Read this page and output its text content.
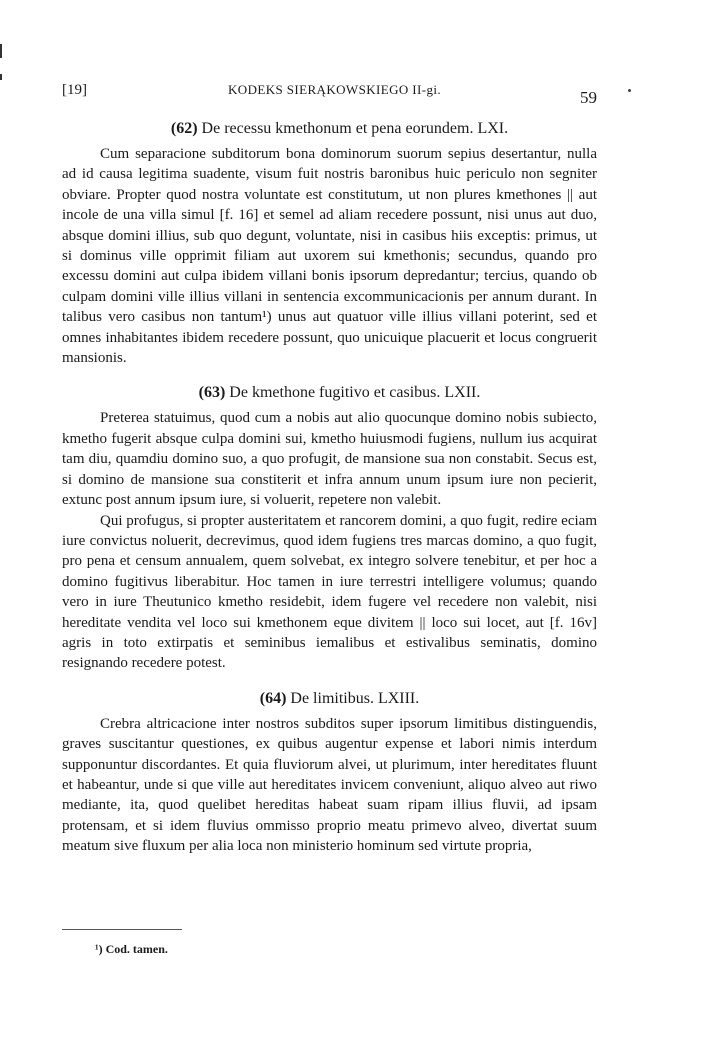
[19]	KODEKS SIERĄKOWSKIEGO II-gi.	59

(62) De recessu kmethonum et pena eorundem. LXI.

Cum separacione subditorum bona dominorum suorum sepius desertantur, nulla ad id causa legitima suadente, visum fuit nostris baronibus huic periculo non segniter obviare. Propter quod nostra voluntate est constitutum, ut non plures kmethones || aut incole de una villa simul [f. 16] et semel ad aliam recedere possunt, nisi unus aut duo, absque domini illius, sub quo degunt, voluntate, nisi in casibus hiis exceptis: primus, ut si dominus ville opprimit filiam aut uxorem sui kmethonis; secundus, quando pro excessu domini aut culpa ibidem villani bonis ipsorum depredantur; tercius, quando ob culpam domini ville illius villani in sentencia excommunicacionis per annum durant. In talibus vero casibus non tantum¹) unus aut quatuor ville illius villani poterint, sed et omnes inhabitantes ibidem recedere possunt, quo unicuique placuerit et locus congruerit mansionis.

(63) De kmethone fugitivo et casibus. LXII.

Preterea statuimus, quod cum a nobis aut alio quocunque domino nobis subiecto, kmetho fugerit absque culpa domini sui, kmetho huiusmodi fugiens, nullum ius acquirat tam diu, quamdiu domino suo, a quo profugit, de mansione sua non constabit. Secus est, si domino de mansione sua constiterit et infra annum unum ipsum iure non pecierit, extunc post annum ipsum iure, si voluerit, repetere non valebit.

Qui profugus, si propter austeritatem et rancorem domini, a quo fugit, redire eciam iure convictus noluerit, decrevimus, quod idem fugiens tres marcas domino, a quo fugit, pro pena et censum annualem, quem solvebat, ex integro solvere tenebitur, et per hoc a domino fugitivus liberabitur. Hoc tamen in iure terrestri intelligere volumus; quando vero in iure Theutunico kmetho residebit, idem fugere vel recedere non valebit, nisi hereditate vendita vel loco sui kmethonem eque divitem || loco sui locet, aut [f. 16v] agris in toto extirpatis et seminibus iemalibus et estivalibus seminatis, domino resignando recedere potest.

(64) De limitibus. LXIII.

Crebra altricacione inter nostros subditos super ipsorum limitibus distinguendis, graves suscitantur questiones, ex quibus augentur expense et labori nimis interdum supponuntur discordantes. Et quia fluviorum alvei, ut plurimum, inter hereditates fluunt et habeantur, unde si que ville aut hereditates invicem conveniunt, aliquo alveo aut riwo mediante, ita, quod quelibet hereditas habeat suam ripam illius fluvii, ad ipsam protensam, et si idem fluvius ommisso proprio meatu primevo alveo, divertat suum meatum sive fluxum per alia loca non ministerio hominum sed virtute propria,

¹) Cod. tamen.
